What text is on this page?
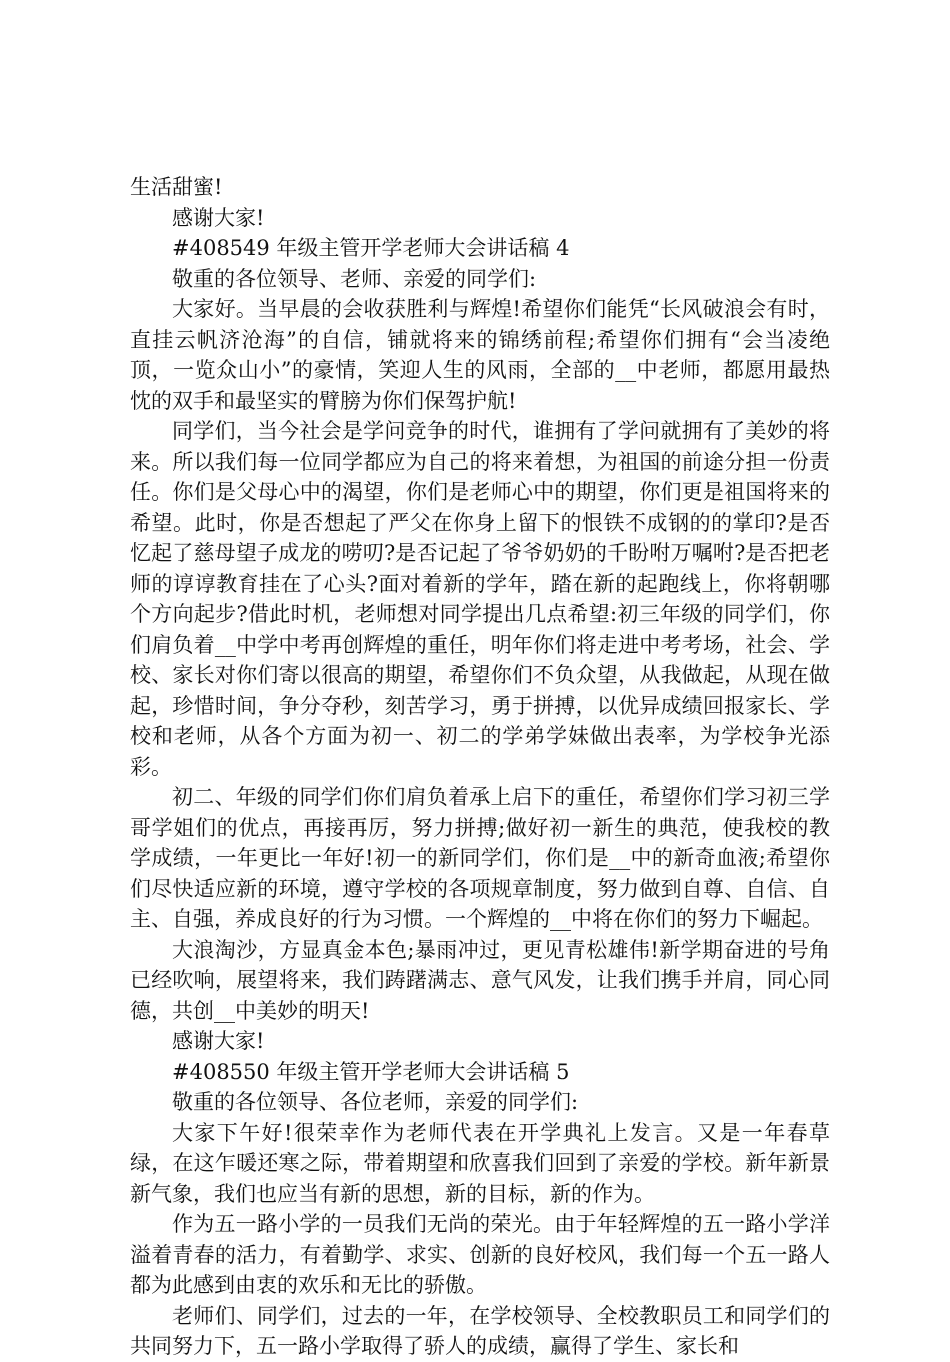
生活甜蜜!

感谢大家!

#408549 年级主管开学老师大会讲话稿 4

敬重的各位领导、老师、亲爱的同学们:

大家好。当早晨的会收获胜利与辉煌!希望你们能凭“长风破浪会有时，直挂云帆济沧海”的自信，铺就将来的锦绣前程;希望你们拥有“会当凌绝顶，一览众山小”的豪情，笑迎人生的风雨，全部的__中老师，都愿用最热忱的双手和最坚实的臂膀为你们保驾护航!

同学们，当今社会是学问竞争的时代，谁拥有了学问就拥有了美妙的将来。所以我们每一位同学都应为自己的将来着想，为祖国的前途分担一份责任。你们是父母心中的渴望，你们是老师心中的期望，你们更是祖国将来的希望。此时，你是否想起了严父在你身上留下的恨铁不成钢的的掌印?是否忆起了慈母望子成龙的唠叨?是否记起了爷爷奶奶的千盼咐万嘱咐?是否把老师的谆谆教育挂在了心头?面对着新的学年，踏在新的起跑线上，你将朝哪个方向起步?借此时机，老师想对同学提出几点希望:初三年级的同学们，你们肩负着__中学中考再创辉煌的重任，明年你们将走进中考考场，社会、学校、家长对你们寄以很高的期望，希望你们不负众望，从我做起，从现在做起，珍惜时间，争分夺秒，刻苦学习，勇于拼搏，以优异成绩回报家长、学校和老师，从各个方面为初一、初二的学弟学妹做出表率，为学校争光添彩。

初二、年级的同学们你们肩负着承上启下的重任，希望你们学习初三学哥学姐们的优点，再接再厉，努力拼搏;做好初一新生的典范，使我校的教学成绩，一年更比一年好!初一的新同学们，你们是__中的新奇血液;希望你们尽快适应新的环境，遵守学校的各项规章制度，努力做到自尊、自信、自主、自强，养成良好的行为习惯。一个辉煌的__中将在你们的努力下崛起。

大浪淘沙，方显真金本色;暴雨冲过，更见青松雄伟!新学期奋进的号角已经吹响，展望将来，我们踌躇满志、意气风发，让我们携手并肩，同心同德，共创__中美妙的明天!

感谢大家!

#408550 年级主管开学老师大会讲话稿 5

敬重的各位领导、各位老师，亲爱的同学们:

大家下午好!很荣幸作为老师代表在开学典礼上发言。又是一年春草绿，在这乍暖还寒之际，带着期望和欣喜我们回到了亲爱的学校。新年新景新气象，我们也应当有新的思想，新的目标，新的作为。

作为五一路小学的一员我们无尚的荣光。由于年轻辉煌的五一路小学洋溢着青春的活力，有着勤学、求实、创新的良好校风，我们每一个五一路人都为此感到由衷的欢乐和无比的骄傲。

老师们、同学们，过去的一年，在学校领导、全校教职员工和同学们的共同努力下，五一路小学取得了骄人的成绩，赢得了学生、家长和
